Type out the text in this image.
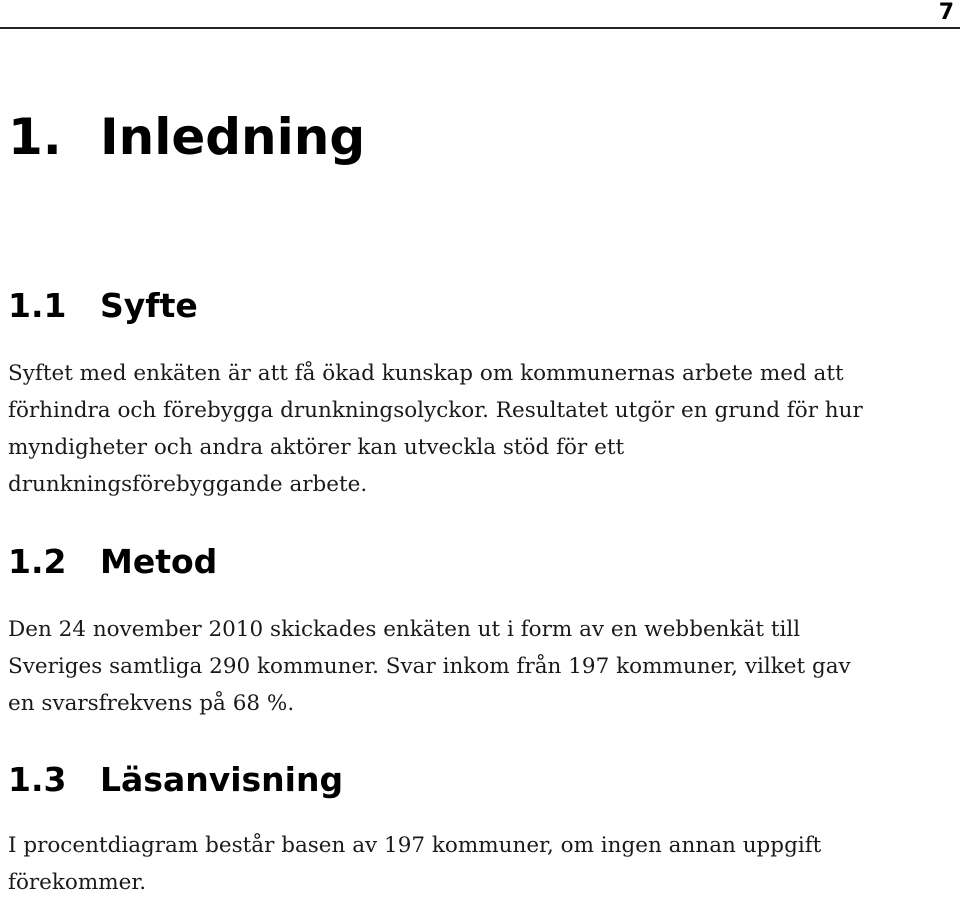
7
1. Inledning
1.1 Syfte
Syftet med enkäten är att få ökad kunskap om kommunernas arbete med att
förhindra och förebygga drunkningsolyckor. Resultatet utgör en grund för hur
myndigheter och andra aktörer kan utveckla stöd för ett
drunkningsförebyggande arbete.
1.2 Metod
Den 24 november 2010 skickades enkäten ut i form av en webbenkät till
Sveriges samtliga 290 kommuner. Svar inkom från 197 kommuner, vilket gav
en svarsfrekvens på 68 %.
1.3 Läsanvisning
I procentdiagram består basen av 197 kommuner, om ingen annan uppgift
förekommer.
